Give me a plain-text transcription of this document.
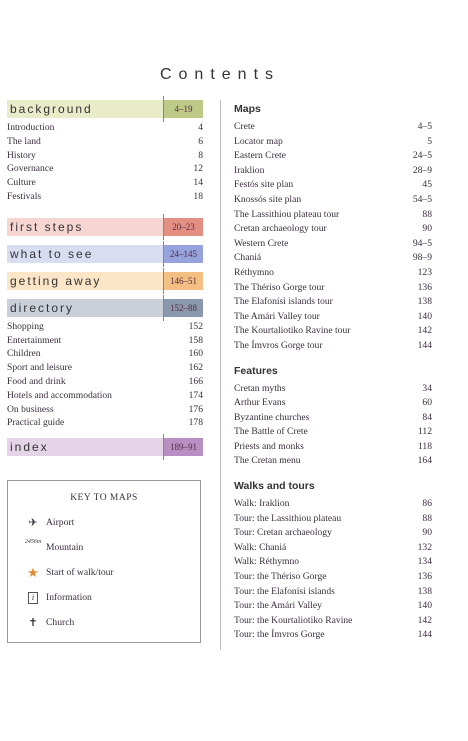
Contents
background	4–19
Introduction	4
The land	6
History	8
Governance	12
Culture	14
Festivals	18
first steps	20–23
what to see	24–145
getting away	146–51
directory	152–88
Shopping	152
Entertainment	158
Children	160
Sport and leisure	162
Food and drink	166
Hotels and accommodation	174
On business	176
Practical guide	178
index	189–91
Maps
Crete	4–5
Locator map	5
Eastern Crete	24–5
Iraklion	28–9
Festós site plan	45
Knossós site plan	54–5
The Lassithiou plateau tour	88
Cretan archaeology tour	90
Western Crete	94–5
Chaniá	98–9
Réthymno	123
The Thériso Gorge tour	136
The Elafonísi islands tour	138
The Amári Valley tour	140
The Kourtaliotiko Ravine tour	142
The Ímvros Gorge tour	144
Features
Cretan myths	34
Arthur Evans	60
Byzantine churches	84
The Battle of Crete	112
Priests and monks	118
The Cretan menu	164
Walks and tours
Walk: Iraklion	86
Tour: the Lassithiou plateau	88
Tour: Cretan archaeology	90
Walk: Chaniá	132
Walk: Réthymno	134
Tour: the Thériso Gorge	136
Tour: the Elafonísi islands	138
Tour: the Amári Valley	140
Tour: the Kourtaliotiko Ravine	142
Tour: the Ímvros Gorge	144
KEY TO MAPS
✈ Airport
2456m Mountain
★ Start of walk/tour
i	Information
✝ Church
